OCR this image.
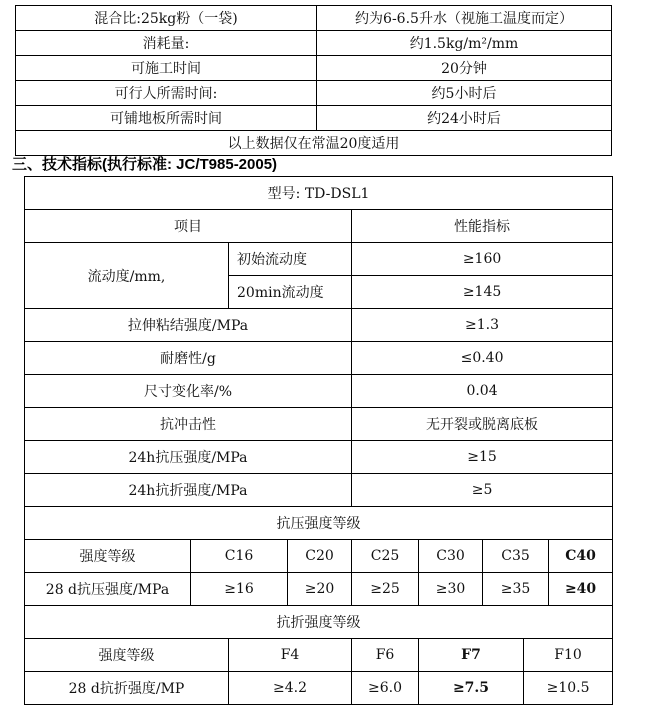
混合比:25kg粉（一袋)	约为6-6.5升水（视施工温度而定）
消耗量:	约1.5kg/m²/mm
可施工时间	20分钟
可行人所需时间:	约5小时后
可铺地板所需时间	约24小时后
以上数据仅在常温20度适用	
三、技术指标(执行标准: JC/T985-2005)
型号: TD-DSL1								
项目				性能指标				
流动度/mm,		初始流动度		≥160				
		20min流动度		≥145				
拉伸粘结强度/MPa				≥1.3				
耐磨性/g				≤0.40				
尺寸变化率/%				0.04				
抗冲击性				无开裂或脱离底板				
24h抗压强度/MPa				≥15				
24h抗折强度/MPa				≥5				
抗压强度等级								
强度等级	C16		C20	C25	C30	C35		C40
28 d抗压强度/MPa	≥16		≥20	≥25	≥30	≥35		≥40
抗折强度等级								
强度等级		F4		F6	F7		F10	
28 d抗折强度/MP		≥4.2		≥6.0	≥7.5		≥10.5	
